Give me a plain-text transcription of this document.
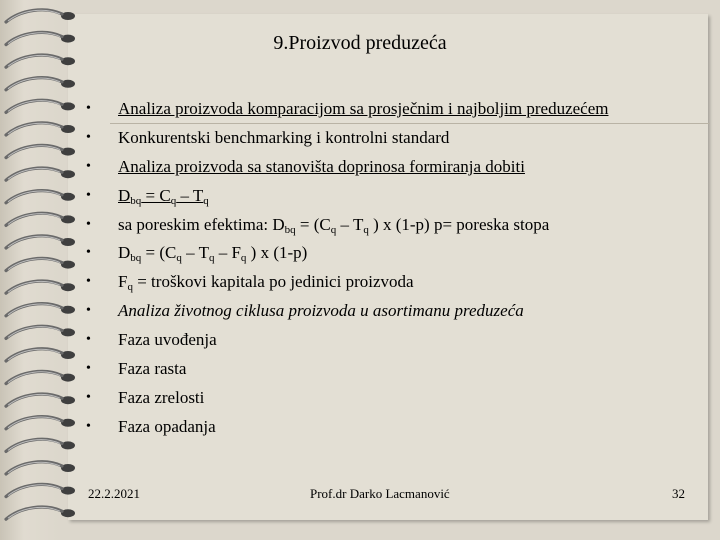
9.Proizvod preduzeća
•	Analiza proizvoda komparacijom sa prosječnim i najboljim preduzećem
•	Konkurentski benchmarking i kontrolni standard
•	Analiza proizvoda sa stanovišta doprinosa formiranja dobiti
•	$D_{bq} = C_q - T_q$
•	sa poreskim efektima: $D_{bq} = (C_q - T_q$ ) x (1-p) p= poreska stopa
•	$D_{bq} = (C_q - T_q - F_q$ ) x (1-p)
•	$F_q$ = troškovi kapitala po jedinici proizvoda
•	Analiza životnog ciklusa proizvoda u asortimanu preduzeća
•	Faza uvođenja
•	Faza rasta
•	Faza zrelosti
•	Faza opadanja
22.2.2021	Prof.dr Darko Lacmanović	32
